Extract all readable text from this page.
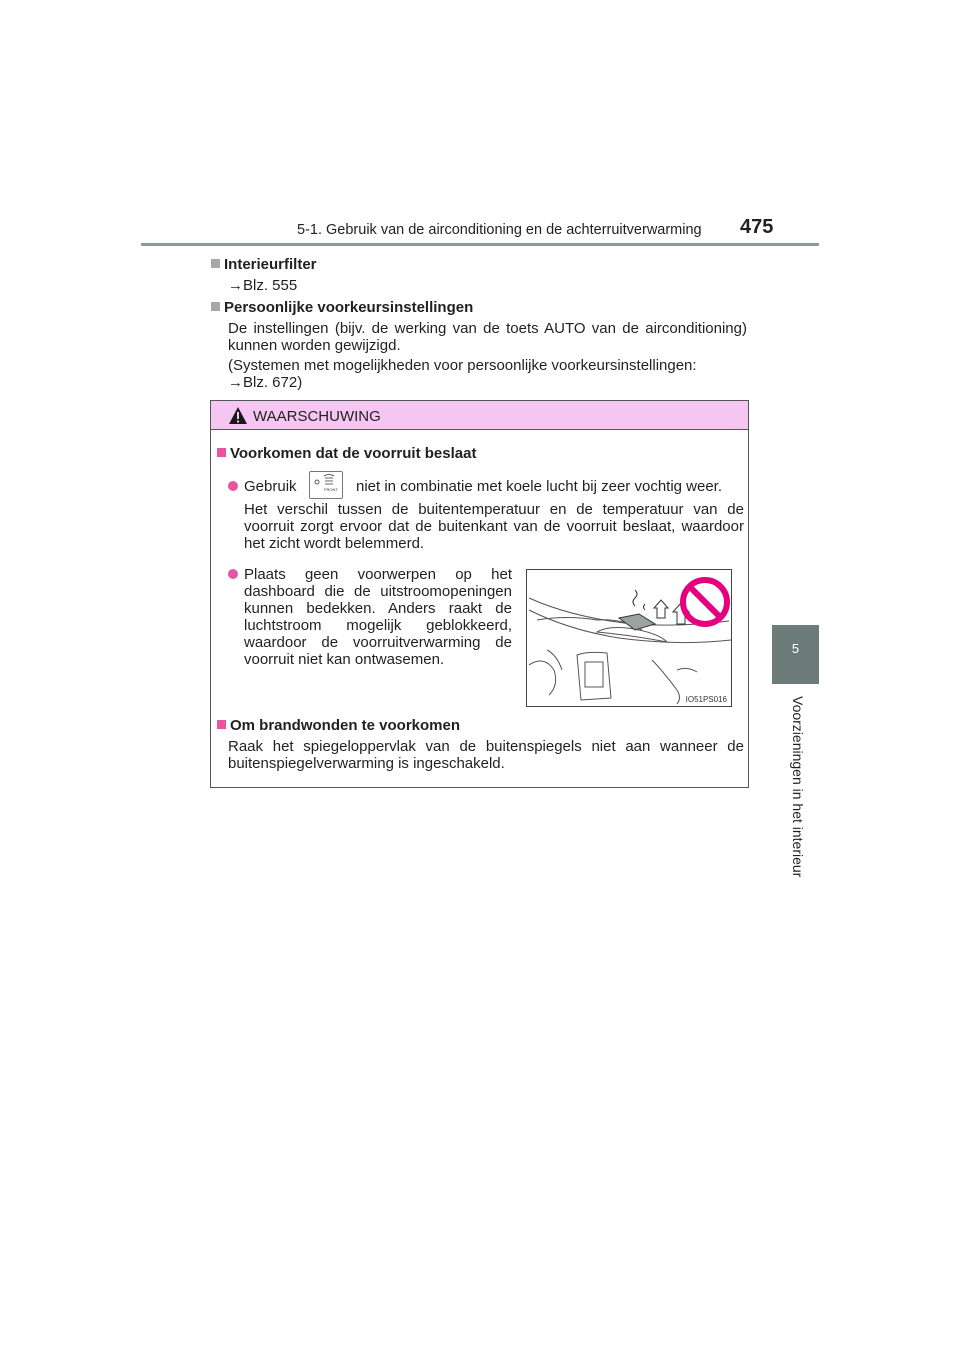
5-1. Gebruik van de airconditioning en de achterruitverwarming 475
5
Voorzieningen in het interieur
Interieurfilter
→Blz. 555
Persoonlijke voorkeursinstellingen
De instellingen (bijv. de werking van de toets AUTO van de airconditioning) kunnen worden gewijzigd.
(Systemen met mogelijkheden voor persoonlijke voorkeursinstellingen:
→Blz. 672)
WAARSCHUWING
Voorkomen dat de voorruit beslaat
Gebruik	FRONT niet in combinatie met koele lucht bij zeer vochtig weer.
Het verschil tussen de buitentemperatuur en de temperatuur van de voorruit zorgt ervoor dat de buitenkant van de voorruit beslaat, waardoor het zicht wordt belemmerd.
Plaats geen voorwerpen op het dashboard die de uitstroomopeningen kunnen bedekken. Anders raakt de luchtstroom mogelijk geblokkeerd, waardoor de voorruitverwarming de voorruit niet kan ontwasemen.
IO51PS016
Om brandwonden te voorkomen
Raak het spiegeloppervlak van de buitenspiegels niet aan wanneer de buitenspiegelverwarming is ingeschakeld.
